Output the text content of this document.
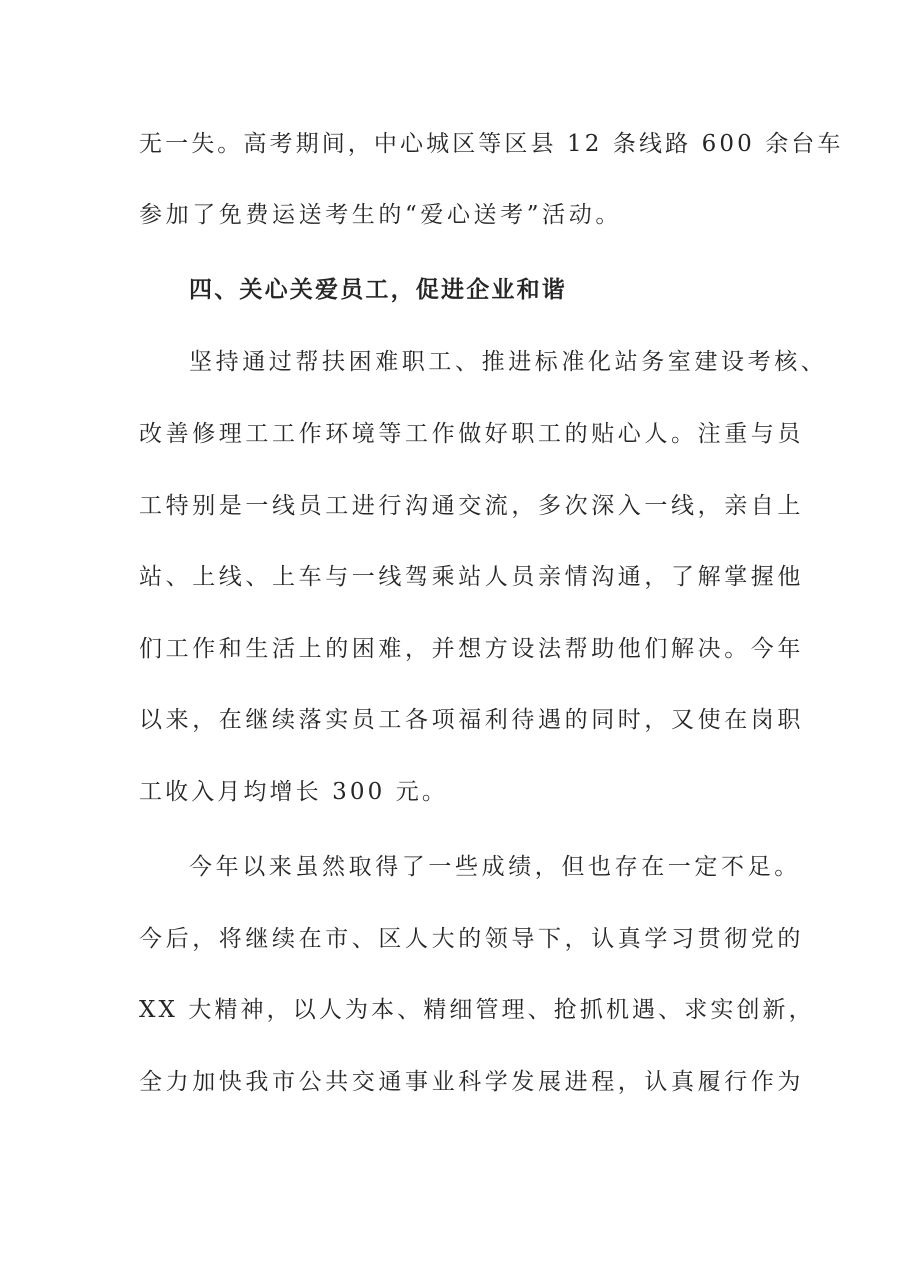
无一失。高考期间，中心城区等区县 12 条线路 600 余台车
参加了免费运送考生的“爱心送考”活动。
四、关心关爱员工，促进企业和谐
坚持通过帮扶困难职工、推进标准化站务室建设考核、
改善修理工工作环境等工作做好职工的贴心人。注重与员
工特别是一线员工进行沟通交流，多次深入一线，亲自上
站、上线、上车与一线驾乘站人员亲情沟通，了解掌握他
们工作和生活上的困难，并想方设法帮助他们解决。今年
以来，在继续落实员工各项福利待遇的同时，又使在岗职
工收入月均增长 300 元。
今年以来虽然取得了一些成绩，但也存在一定不足。
今后，将继续在市、区人大的领导下，认真学习贯彻党的
XX 大精神，以人为本、精细管理、抢抓机遇、求实创新，
全力加快我市公共交通事业科学发展进程，认真履行作为
